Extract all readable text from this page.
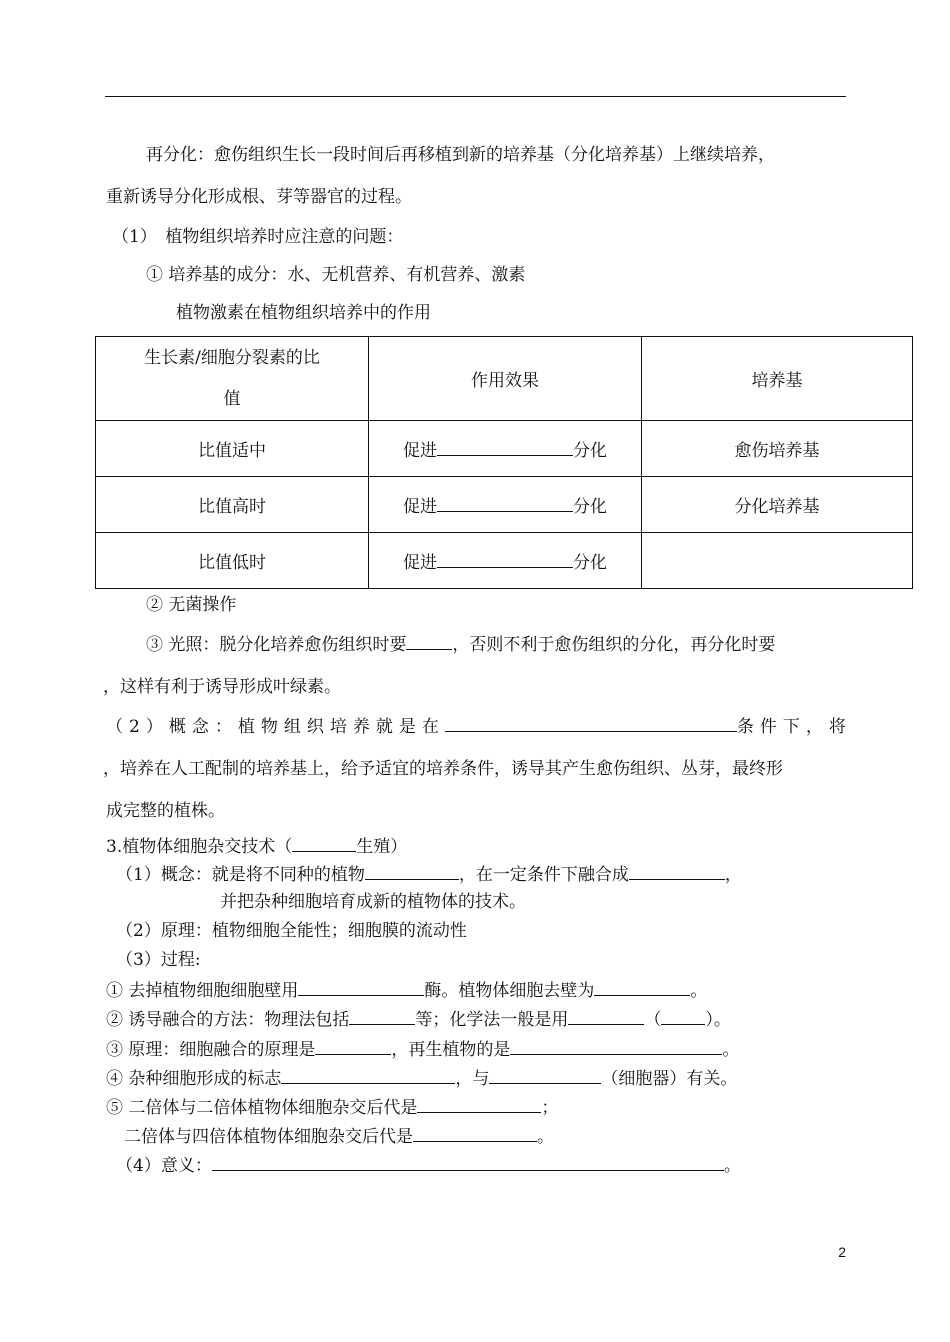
再分化：愈伤组织生长一段时间后再移植到新的培养基（分化培养基）上继续培养，
重新诱导分化形成根、芽等器官的过程。
（1）　植物组织培养时应注意的问题：
① 培养基的成分：水、无机营养、有机营养、激素
植物激素在植物组织培养中的作用
生长素/细胞分裂素的比
值	作用效果	培养基
比值适中	促进 分化	愈伤培养基
比值高时	促进 分化	分化培养基
比值低时	促进 分化	
② 无菌操作
③ 光照：脱分化培养愈伤组织时要	，否则不利于愈伤组织的分化，再分化时要
，这样有利于诱导形成叶绿素。
（2）概念：植物组织培养就是在	条件下，将
，培养在人工配制的培养基上，给予适宜的培养条件，诱导其产生愈伤组织、丛芽，最终形
成完整的植株。
3.植物体细胞杂交技术（	生殖）
（1）概念：就是将不同种的植物	，在一定条件下融合成	，
并把杂种细胞培育成新的植物体的技术。
（2）原理：植物细胞全能性；细胞膜的流动性
（3）过程:
① 去掉植物细胞细胞壁用	酶。植物体细胞去壁为	。
② 诱导融合的方法：物理法包括	等；化学法一般是用	（	）。
③ 原理：细胞融合的原理是	，再生植物的是	。
④ 杂种细胞形成的标志	，与	（细胞器）有关。
⑤ 二倍体与二倍体植物体细胞杂交后代是	；
二倍体与四倍体植物体细胞杂交后代是	。
（4）意义：	。
2
